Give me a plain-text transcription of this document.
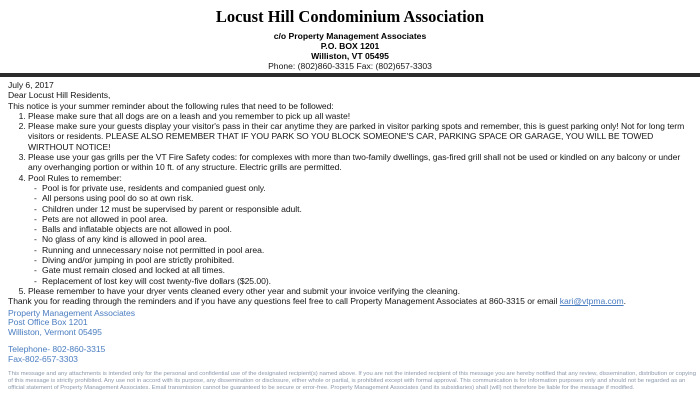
Locust Hill Condominium Association
c/o Property Management Associates
P.O. BOX 1201
Williston, VT 05495
Phone: (802)860-3315 Fax: (802)657-3303

July 6, 2017

Dear Locust Hill Residents,

This notice is your summer reminder about the following rules that need to be followed:

1. Please make sure that all dogs are on a leash and you remember to pick up all waste!
2. Please make sure your guests display your visitor's pass in their car anytime they are parked in visitor parking spots and remember, this is guest parking only! Not for long term visitors or residents. PLEASE ALSO REMEMBER THAT IF YOU PARK SO YOU BLOCK SOMEONE'S CAR, PARKING SPACE OR GARAGE, YOU WILL BE TOWED WIRTHOUT NOTICE!
3. Please use your gas grills per the VT Fire Safety codes: for complexes with more than two-family dwellings, gas-fired grill shall not be used or kindled on any balcony or under any overhanging portion or within 10 ft. of any structure. Electric grills are permitted.
4. Pool Rules to remember:
- Pool is for private use, residents and companied guest only.
- All persons using pool do so at own risk.
- Children under 12 must be supervised by parent or responsible adult.
- Pets are not allowed in pool area.
- Balls and inflatable objects are not allowed in pool.
- No glass of any kind is allowed in pool area.
- Running and unnecessary noise not permitted in pool area.
- Diving and/or jumping in pool are strictly prohibited.
- Gate must remain closed and locked at all times.
- Replacement of lost key will cost twenty-five dollars ($25.00).
5. Please remember to have your dryer vents cleaned every other year and submit your invoice verifying the cleaning.

Thank you for reading through the reminders and if you have any questions feel free to call Property Management Associates at 860-3315 or email kari@vtpma.com.

Property Management Associates
Post Office Box 1201
Williston, Vermont 05495
Telephone- 802-860-3315
Fax-802-657-3303
This message and any attachments is intended only for the personal and confidential use of the designated recipient(s) named above. If you are not the intended recipient of this message you are hereby notified that any review, dissemination, distribution or copying of this message is strictly prohibited. Any use not in accord with its purpose, any dissemination or disclosure, either whole or partial, is prohibited except with formal approval. This communication is for information purposes only and should not be regarded as an official statement of Property Management Associates. Email transmission cannot be guaranteed to be secure or error-free. Property Management Associates (and its subsidiaries) shall (will) not therefore be liable for the message if modified.
